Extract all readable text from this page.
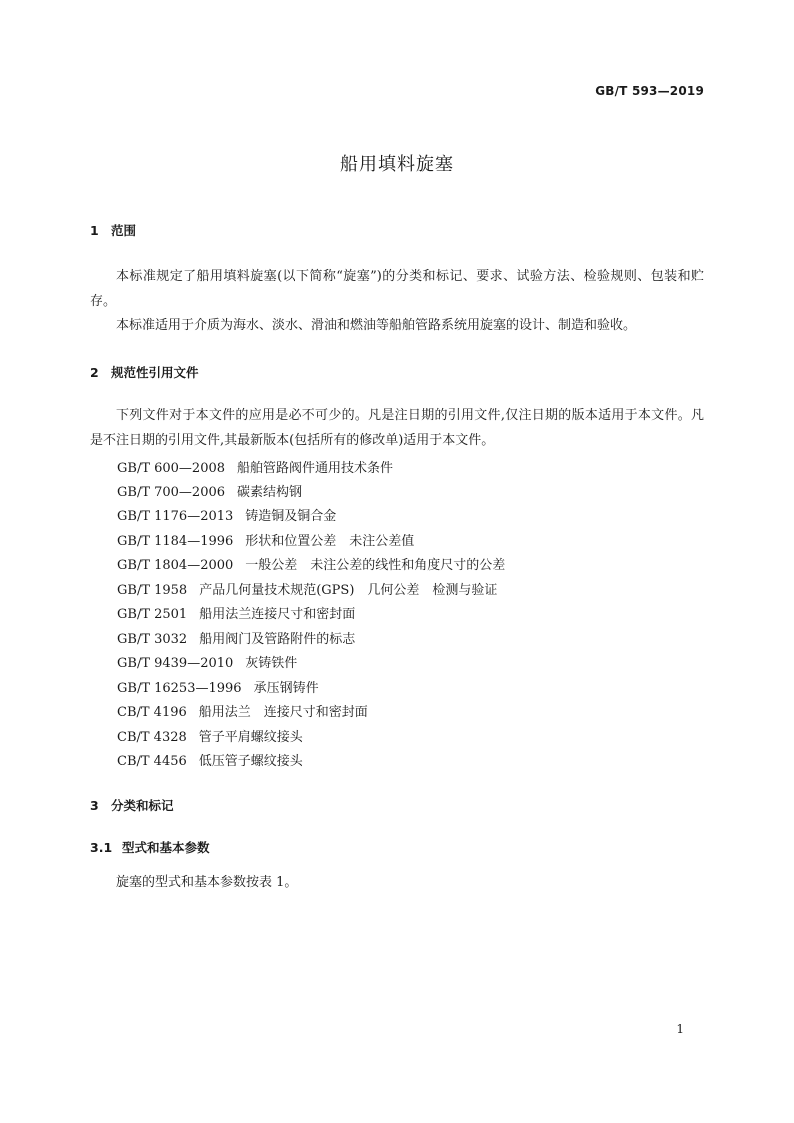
GB/T 593—2019
船用填料旋塞
1 范围
本标准规定了船用填料旋塞(以下简称“旋塞”)的分类和标记、要求、试验方法、检验规则、包装和贮存。
本标准适用于介质为海水、淡水、滑油和燃油等船舶管路系统用旋塞的设计、制造和验收。
2 规范性引用文件
下列文件对于本文件的应用是必不可少的。凡是注日期的引用文件,仅注日期的版本适用于本文件。凡是不注日期的引用文件,其最新版本(包括所有的修改单)适用于本文件。
GB/T 600—2008 船舶管路阀件通用技术条件
GB/T 700—2006 碳素结构钢
GB/T 1176—2013 铸造铜及铜合金
GB/T 1184—1996 形状和位置公差　未注公差值
GB/T 1804—2000 一般公差　未注公差的线性和角度尺寸的公差
GB/T 1958 产品几何量技术规范(GPS)　几何公差　检测与验证
GB/T 2501 船用法兰连接尺寸和密封面
GB/T 3032 船用阀门及管路附件的标志
GB/T 9439—2010 灰铸铁件
GB/T 16253—1996 承压钢铸件
CB/T 4196 船用法兰　连接尺寸和密封面
CB/T 4328 管子平肩螺纹接头
CB/T 4456 低压管子螺纹接头
3 分类和标记
3.1 型式和基本参数
旋塞的型式和基本参数按表 1。
1
